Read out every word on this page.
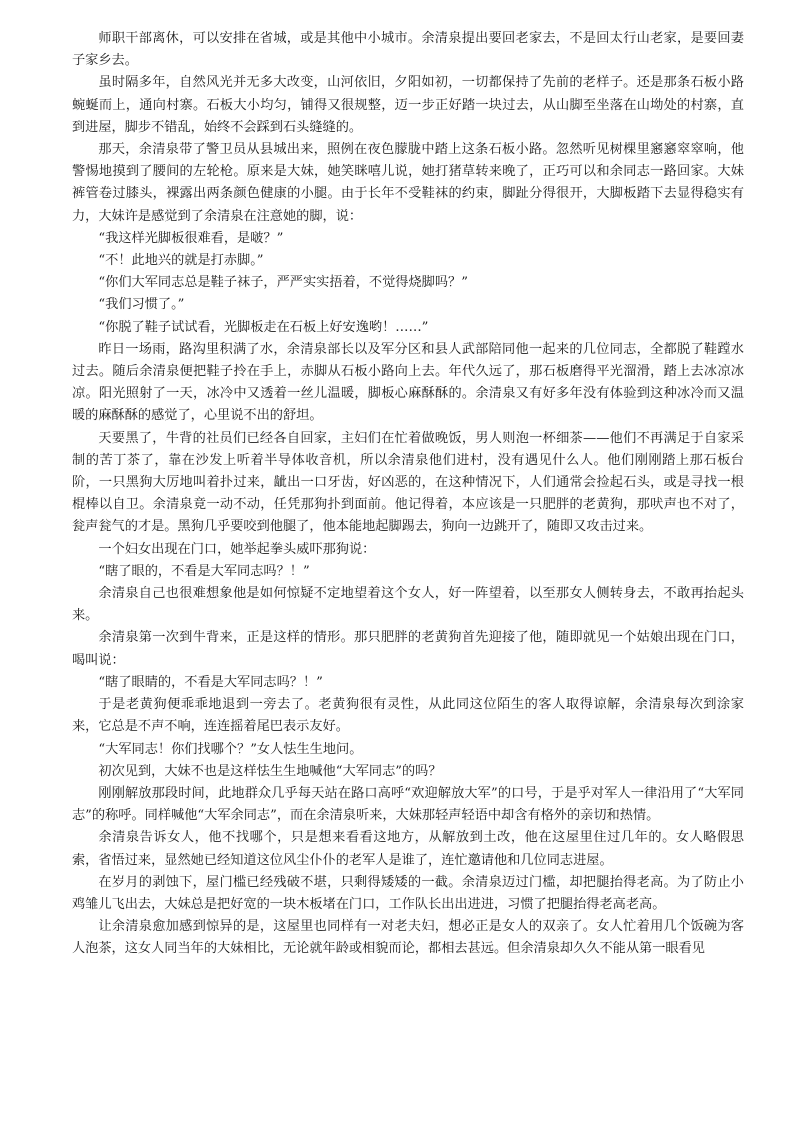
师职干部离休，可以安排在省城，或是其他中小城市。余清泉提出要回老家去，不是回太行山老家，是要回妻子家乡去。

虽时隔多年，自然风光并无多大改变，山河依旧，夕阳如初，一切都保持了先前的老样子。还是那条石板小路蜿蜒而上，通向村寨。石板大小均匀，铺得又很规整，迈一步正好踏一块过去，从山脚至坐落在山坳处的村寨，直到进屋，脚步不错乱，始终不会踩到石头缝缝的。

那天，余清泉带了警卫员从县城出来，照例在夜色朦胧中踏上这条石板小路。忽然听见树棵里窸窸窣窣响，他警惕地摸到了腰间的左轮枪。原来是大妹，她笑眯嘻儿说，她打猪草转来晚了，正巧可以和余同志一路回家。大妹裤管卷过膝头，裸露出两条颜色健康的小腿。由于长年不受鞋袜的约束，脚趾分得很开，大脚板踏下去显得稳实有力，大妹许是感觉到了余清泉在注意她的脚，说：

“我这样光脚板很难看，是啵？”

“不！此地兴的就是打赤脚。”

“你们大军同志总是鞋子袜子，严严实实捂着，不觉得烧脚吗？”

“我们习惯了。”

“你脱了鞋子试试看，光脚板走在石板上好安逸哟！……”

昨日一场雨，路沟里积满了水，余清泉部长以及军分区和县人武部陪同他一起来的几位同志，全都脱了鞋蹚水过去。随后余清泉便把鞋子拎在手上，赤脚从石板小路向上去。年代久远了，那石板磨得平光溜滑，踏上去冰凉冰凉。阳光照射了一天，冰冷中又透着一丝儿温暖，脚板心麻酥酥的。余清泉又有好多年没有体验到这种冰冷而又温暖的麻酥酥的感觉了，心里说不出的舒坦。

天要黑了，牛背的社员们已经各自回家，主妇们在忙着做晚饭，男人则泡一杯细茶——他们不再满足于自家采制的苦丁茶了，靠在沙发上听着半导体收音机，所以余清泉他们进村，没有遇见什么人。他们刚刚踏上那石板台阶，一只黑狗大厉地叫着扑过来，龇出一口牙齿，好凶恶的，在这种情况下，人们通常会捡起石头，或是寻找一根棍棒以自卫。余清泉竟一动不动，任凭那狗扑到面前。他记得着，本应该是一只肥胖的老黄狗，那吠声也不对了，瓮声瓮气的才是。黑狗几乎要咬到他腿了，他本能地起脚踢去，狗向一边跳开了，随即又攻击过来。

一个妇女出现在门口，她举起拳头威吓那狗说：

“瞎了眼的，不看是大军同志吗？！”

余清泉自己也很难想象他是如何惊疑不定地望着这个女人，好一阵望着，以至那女人侧转身去，不敢再抬起头来。

余清泉第一次到牛背来，正是这样的情形。那只肥胖的老黄狗首先迎接了他，随即就见一个姑娘出现在门口，喝叫说：

“瞎了眼睛的，不看是大军同志吗？！”

于是老黄狗便乖乖地退到一旁去了。老黄狗很有灵性，从此同这位陌生的客人取得谅解，余清泉每次到涂家来，它总是不声不响，连连摇着尾巴表示友好。

“大军同志！你们找哪个？”女人怯生生地问。

初次见到，大妹不也是这样怯生生地喊他“大军同志”的吗？

刚刚解放那段时间，此地群众几乎每天站在路口高呼“欢迎解放大军”的口号，于是乎对军人一律沿用了“大军同志”的称呼。同样喊他“大军余同志”，而在余清泉听来，大妹那轻声轻语中却含有格外的亲切和热情。

余清泉告诉女人，他不找哪个，只是想来看看这地方，从解放到土改，他在这屋里住过几年的。女人略假思索，省悟过来，显然她已经知道这位风尘仆仆的老军人是谁了，连忙邀请他和几位同志进屋。

在岁月的剥蚀下，屋门槛已经残破不堪，只剩得矮矮的一截。余清泉迈过门槛，却把腿抬得老高。为了防止小鸡雏儿飞出去，大妹总是把好宽的一块木板堵在门口，工作队长出出进进，习惯了把腿抬得老高老高。

让余清泉愈加感到惊异的是，这屋里也同样有一对老夫妇，想必正是女人的双亲了。女人忙着用几个饭碗为客人泡茶，这女人同当年的大妹相比，无论就年龄或相貌而论，都相去甚远。但余清泉却久久不能从第一眼看见
